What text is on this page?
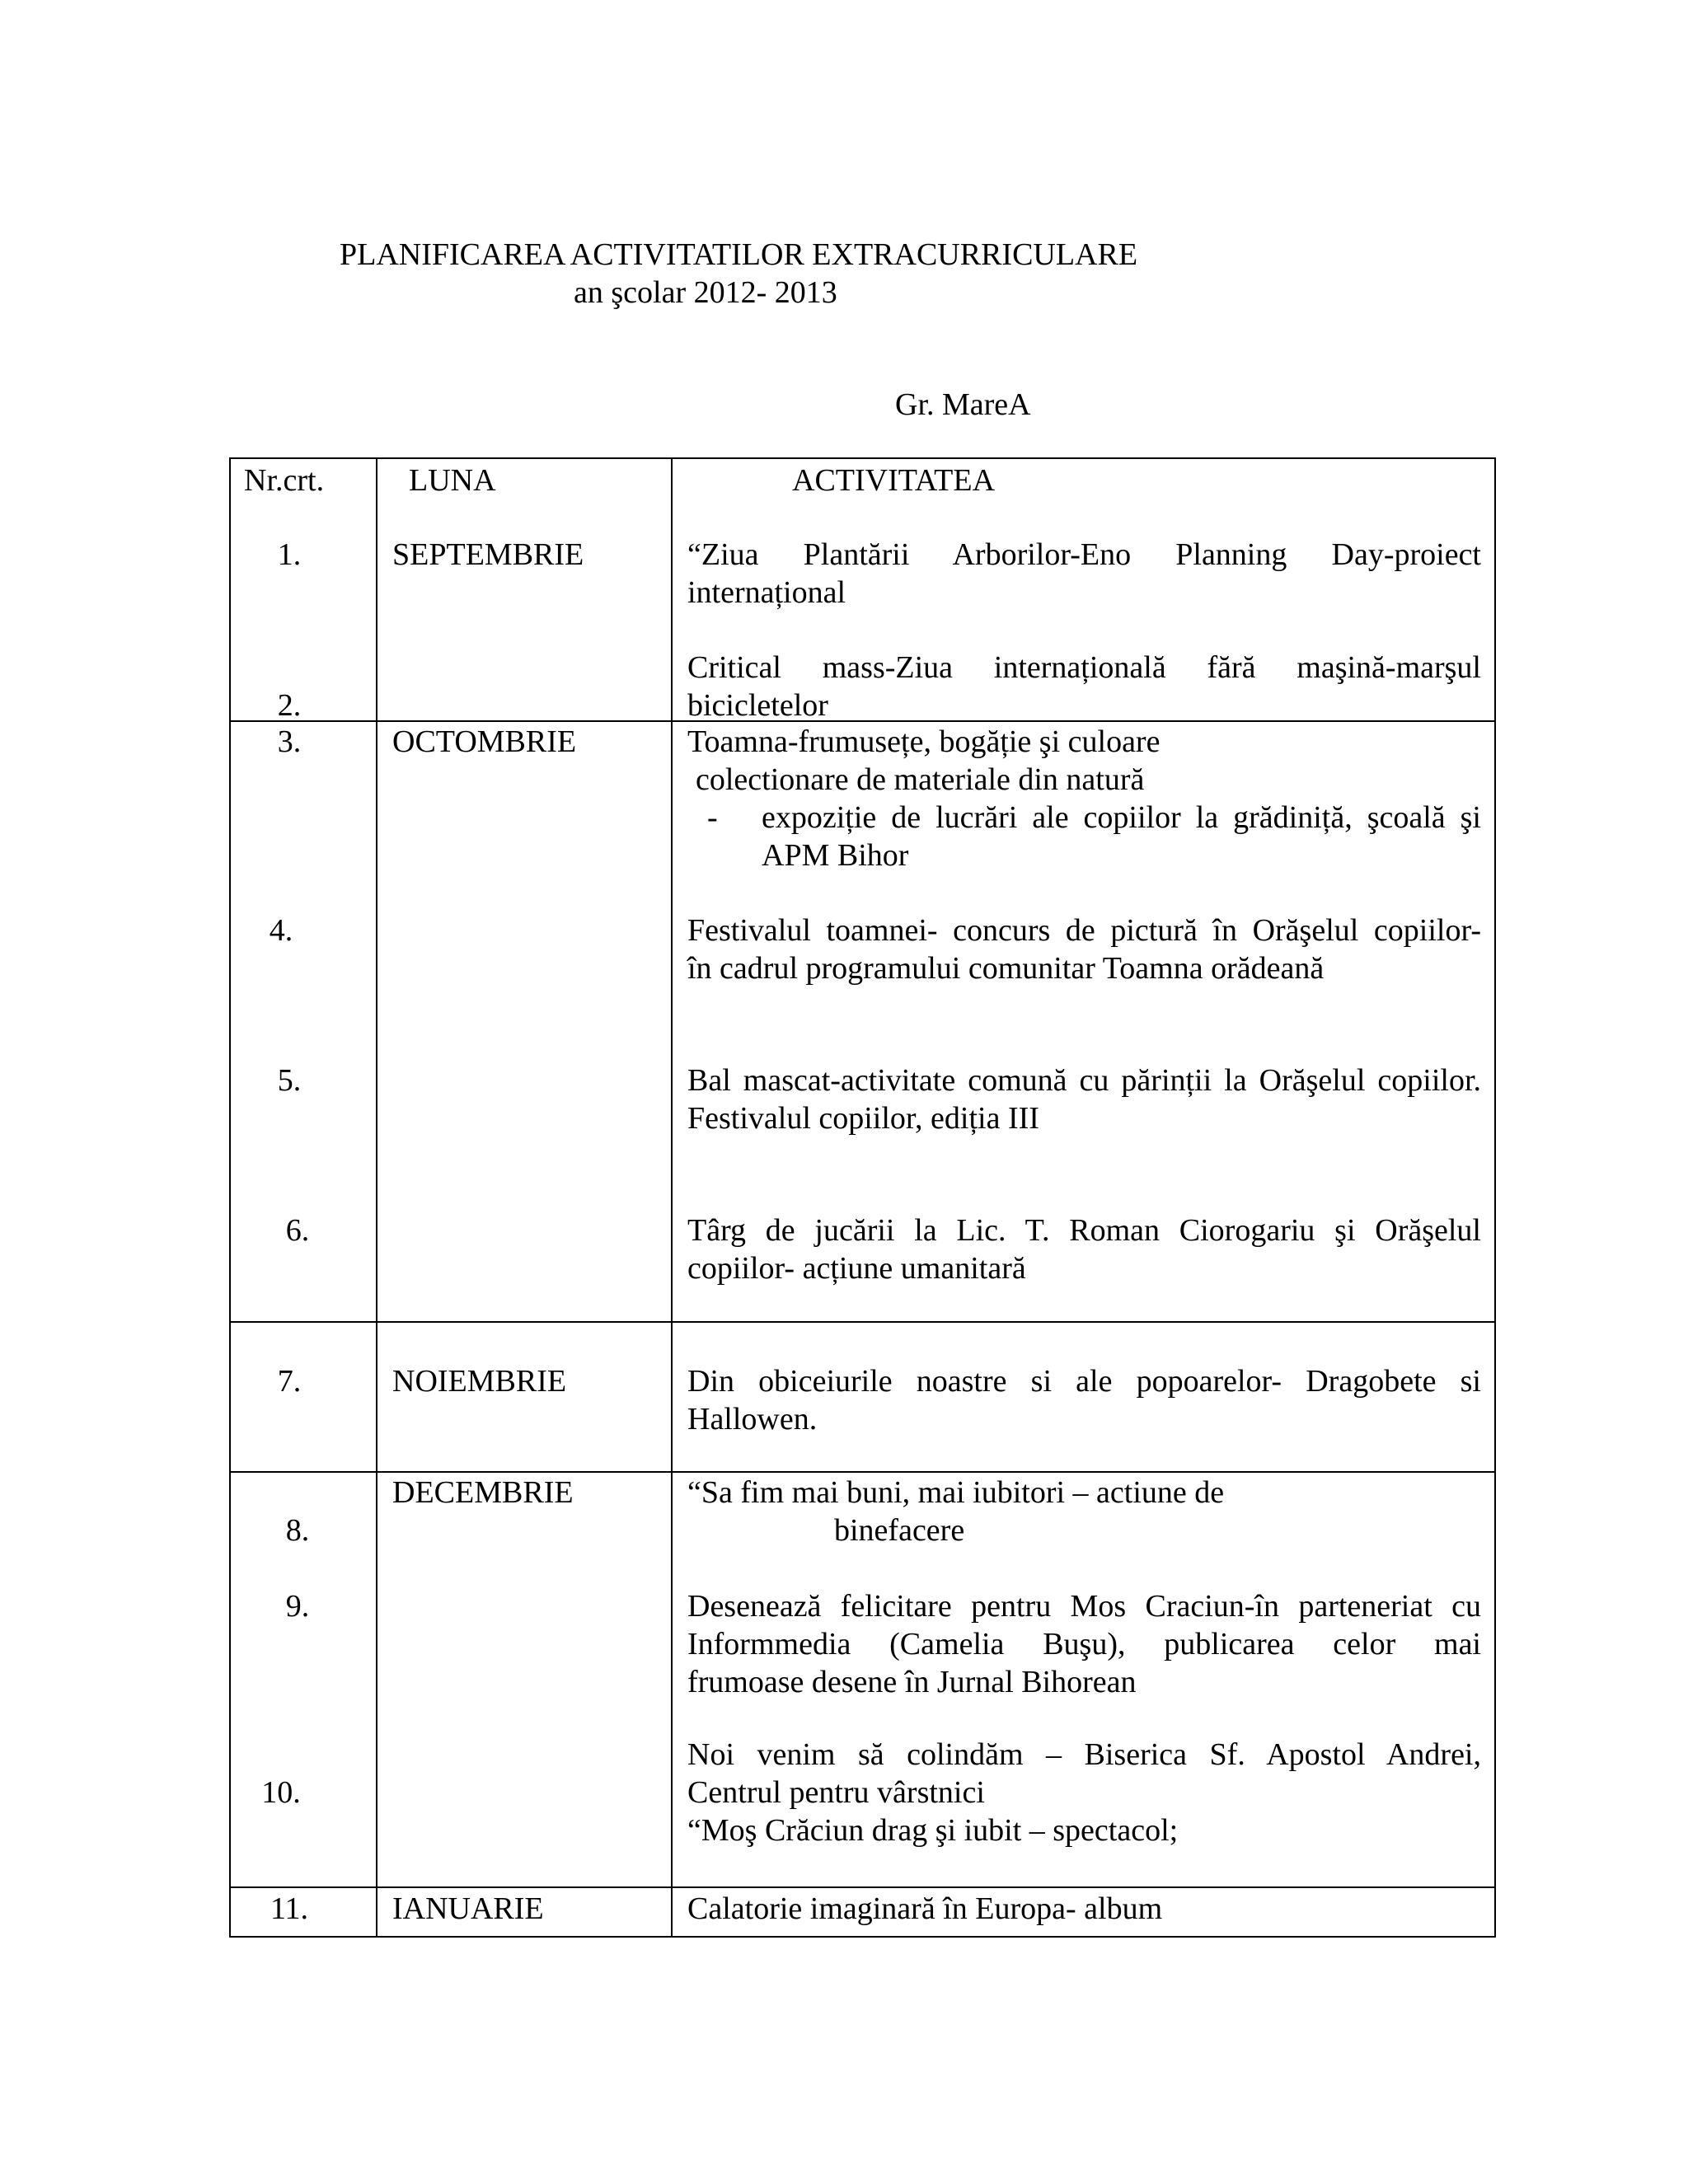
PLANIFICAREA ACTIVITATILOR EXTRACURRICULARE
an şcolar 2012- 2013
Gr. MareA
Nr.crt.	LUNA	ACTIVITATEA
1.
2.
3.
4.
5.
6.
7.
8.
9.
10.
11.
SEPTEMBRIE
OCTOMBRIE
NOIEMBRIE
DECEMBRIE
IANUARIE
“Ziua Plantării Arborilor-Eno Planning Day-proiect
internațional
Critical mass-Ziua internațională fără maşină-marşul
bicicletelor
Toamna-frumusețe, bogăție şi culoare
colectionare de materiale din natură
- expoziție de lucrări ale copiilor la grădiniță, şcoală şi
APM Bihor
Festivalul toamnei- concurs de pictură în Orăşelul copiilor-
în cadrul programului comunitar Toamna orădeană
Bal mascat-activitate comună cu părinții la Orăşelul copiilor.
Festivalul copiilor, ediția III
Târg de jucării la Lic. T. Roman Ciorogariu şi Orăşelul
copiilor- acțiune umanitară
Din obiceiurile noastre si ale popoarelor- Dragobete si
Hallowen.
“Sa fim mai buni, mai iubitori – actiune de
binefacere
Desenează felicitare pentru Mos Craciun-în parteneriat cu
Informmedia (Camelia Buşu), publicarea celor mai
frumoase desene în Jurnal Bihorean
Noi venim să colindăm – Biserica Sf. Apostol Andrei,
Centrul pentru vârstnici
“Moş Crăciun drag şi iubit – spectacol;
Calatorie imaginară în Europa- album
